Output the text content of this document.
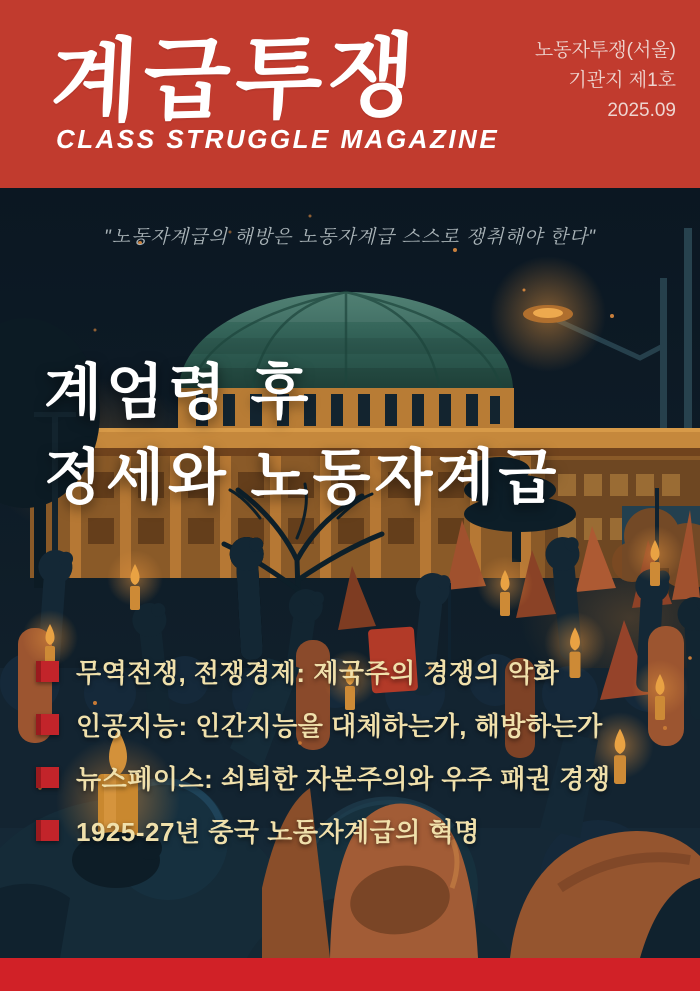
계급투쟁
CLASS STRUGGLE MAGAZINE
노동자투쟁(서울)
기관지 제1호
2025.09
"노동자계급의 해방은 노동자계급 스스로 쟁취해야 한다"
계엄령 후
정세와 노동자계급
무역전쟁, 전쟁경제: 제국주의 경쟁의 악화
인공지능: 인간지능을 대체하는가, 해방하는가
뉴스페이스: 쇠퇴한 자본주의와 우주 패권 경쟁
1925-27년 중국 노동자계급의 혁명
